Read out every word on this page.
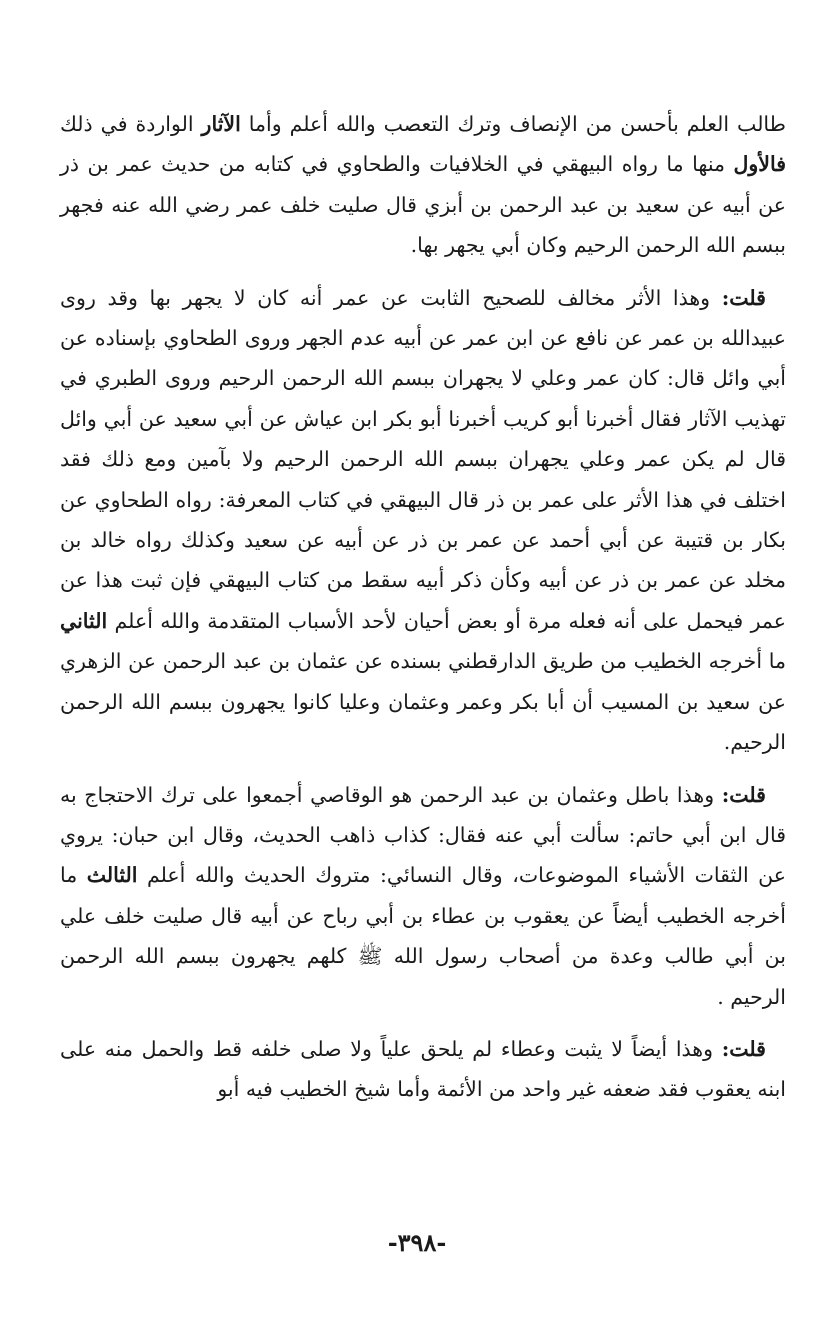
طالب العلم بأحسن من الإنصاف وترك التعصب والله أعلم وأما الآثار الواردة في ذلك فالأول منها ما رواه البيهقي في الخلافيات والطحاوي في كتابه من حديث عمر بن ذر عن أبيه عن سعيد بن عبد الرحمن بن أبزي قال صليت خلف عمر رضي الله عنه فجهر ببسم الله الرحمن الرحيم وكان أبي يجهر بها.

قلت: وهذا الأثر مخالف للصحيح الثابت عن عمر أنه كان لا يجهر بها وقد روى عبيدالله بن عمر عن نافع عن ابن عمر عن أبيه عدم الجهر وروى الطحاوي بإسناده عن أبي وائل قال: كان عمر وعلي لا يجهران ببسم الله الرحمن الرحيم وروى الطبري في تهذيب الآثار فقال أخبرنا أبو كريب أخبرنا أبو بكر ابن عياش عن أبي سعيد عن أبي وائل قال لم يكن عمر وعلي يجهران ببسم الله الرحمن الرحيم ولا بآمين ومع ذلك فقد اختلف في هذا الأثر على عمر بن ذر قال البيهقي في كتاب المعرفة: رواه الطحاوي عن بكار بن قتيبة عن أبي أحمد عن عمر بن ذر عن أبيه عن سعيد وكذلك رواه خالد بن مخلد عن عمر بن ذر عن أبيه وكأن ذكر أبيه سقط من كتاب البيهقي فإن ثبت هذا عن عمر فيحمل على أنه فعله مرة أو بعض أحيان لأحد الأسباب المتقدمة والله أعلم الثاني ما أخرجه الخطيب من طريق الدارقطني بسنده عن عثمان بن عبد الرحمن عن الزهري عن سعيد بن المسيب أن أبا بكر وعمر وعثمان وعليا كانوا يجهرون ببسم الله الرحمن الرحيم.

قلت: وهذا باطل وعثمان بن عبد الرحمن هو الوقاصي أجمعوا على ترك الاحتجاج به قال ابن أبي حاتم: سألت أبي عنه فقال: كذاب ذاهب الحديث، وقال ابن حبان: يروي عن الثقات الأشياء الموضوعات، وقال النسائي: متروك الحديث والله أعلم الثالث ما أخرجه الخطيب أيضاً عن يعقوب بن عطاء بن أبي رباح عن أبيه قال صليت خلف علي بن أبي طالب وعدة من أصحاب رسول الله ﷺ كلهم يجهرون ببسم الله الرحمن الرحيم .

قلت: وهذا أيضاً لا يثبت وعطاء لم يلحق علياً ولا صلى خلفه قط والحمل منه على ابنه يعقوب فقد ضعفه غير واحد من الأئمة وأما شيخ الخطيب فيه أبو

-٣٩٨-
